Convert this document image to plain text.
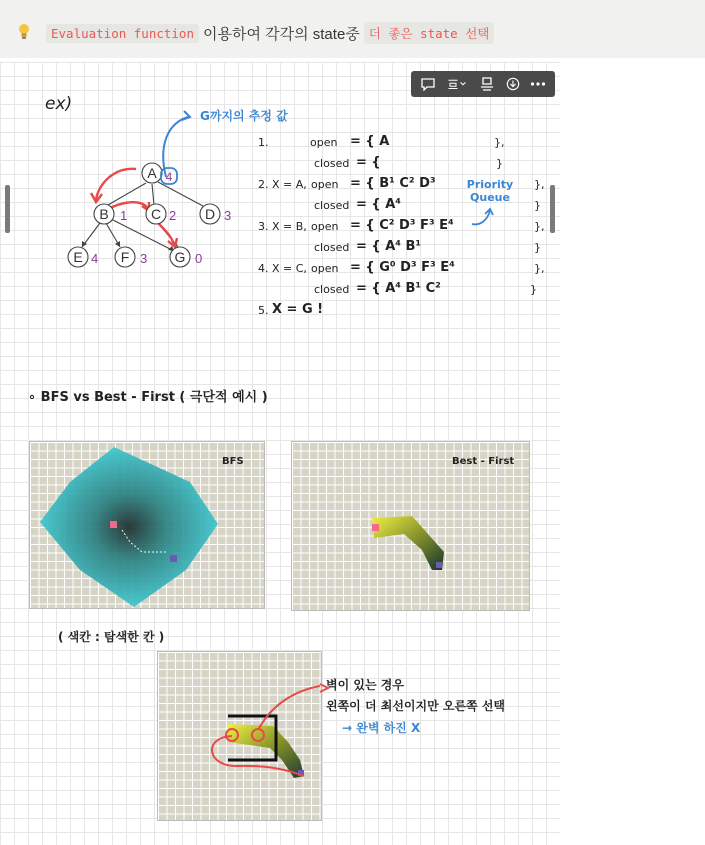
Evaluation function 이용하여 각각의 state중 더 좋은 state 선택
ex)
A 4
B 1 C 2 D 3
E 4 F 3 G 0
G까지의 추정 값
1.	open = { A	},
closed = {	}
2. X = A, open = { B¹ C² D³	},
closed = { A⁴	}
3. X = B, open = { C² D³ F³ E⁴	},
closed = { A⁴ B¹	}
4. X = C, open = { G⁰ D³ F³ E⁴	},
closed = { A⁴ B¹ C²	}
5. X = G !
Priority Queue
∘ BFS vs Best - First ( 극단적 예시 )
BFS	Best - First
( 색칸 : 탐색한 칸 )
벽이 있는 경우
왼쪽이 더 최선이지만 오른쪽 선택
→ 완벽 하진 X
